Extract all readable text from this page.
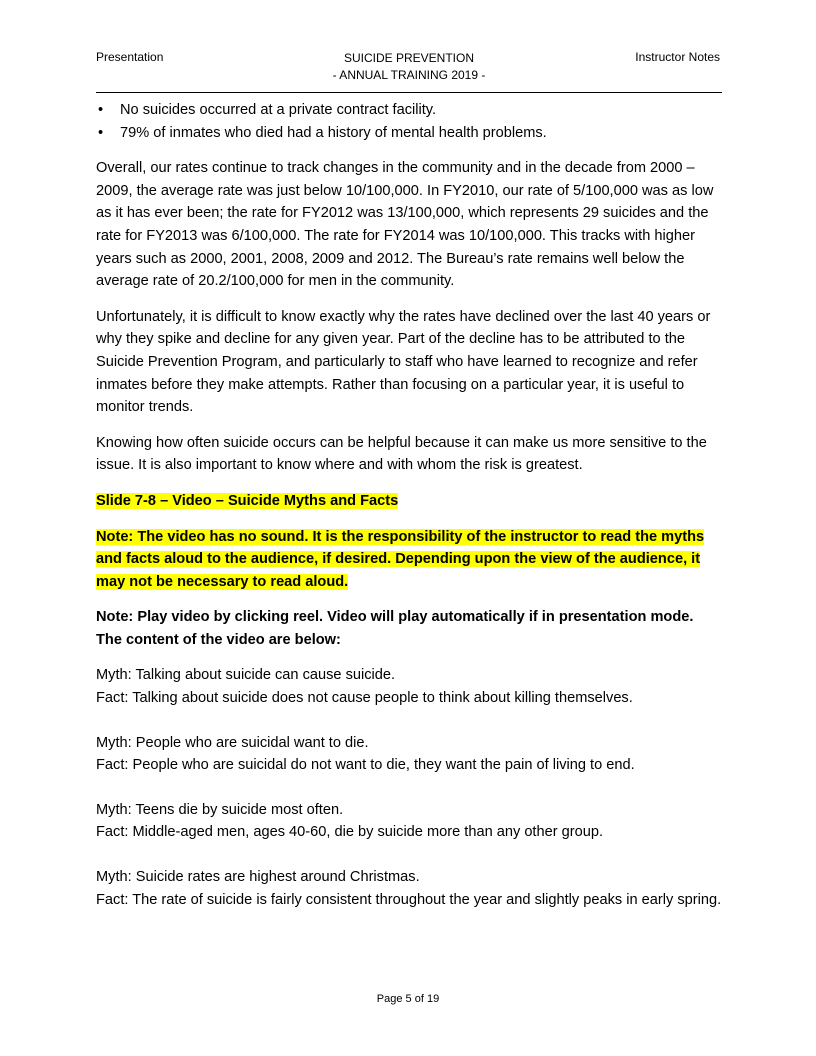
Presentation	SUICIDE PREVENTION
- ANNUAL TRAINING 2019 -
Instructor Notes
• No suicides occurred at a private contract facility.
• 79% of inmates who died had a history of mental health problems.

Overall, our rates continue to track changes in the community and in the decade from 2000 – 2009, the average rate was just below 10/100,000. In FY2010, our rate of 5/100,000 was as low as it has ever been; the rate for FY2012 was 13/100,000, which represents 29 suicides and the rate for FY2013 was 6/100,000. The rate for FY2014 was 10/100,000. This tracks with higher years such as 2000, 2001, 2008, 2009 and 2012. The Bureau’s rate remains well below the average rate of 20.2/100,000 for men in the community.

Unfortunately, it is difficult to know exactly why the rates have declined over the last 40 years or why they spike and decline for any given year. Part of the decline has to be attributed to the Suicide Prevention Program, and particularly to staff who have learned to recognize and refer inmates before they make attempts. Rather than focusing on a particular year, it is useful to monitor trends.

Knowing how often suicide occurs can be helpful because it can make us more sensitive to the issue. It is also important to know where and with whom the risk is greatest.

Slide 7-8 – Video – Suicide Myths and Facts

Note: The video has no sound. It is the responsibility of the instructor to read the myths and facts aloud to the audience, if desired. Depending upon the view of the audience, it may not be necessary to read aloud.

Note: Play video by clicking reel. Video will play automatically if in presentation mode. The content of the video are below:

Myth: Talking about suicide can cause suicide.
Fact: Talking about suicide does not cause people to think about killing themselves.
Myth: People who are suicidal want to die.
Fact: People who are suicidal do not want to die, they want the pain of living to end.
Myth: Teens die by suicide most often.
Fact: Middle-aged men, ages 40-60, die by suicide more than any other group.
Myth: Suicide rates are highest around Christmas.
Fact: The rate of suicide is fairly consistent throughout the year and slightly peaks in early spring.
Page 5 of 19
